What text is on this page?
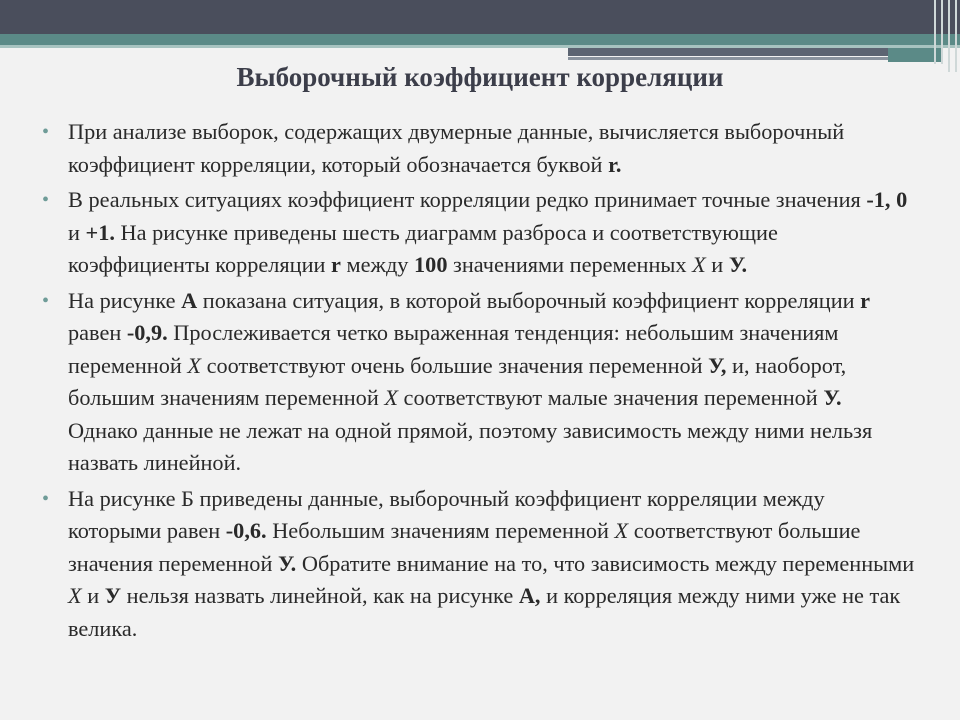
Выборочный коэффициент корреляции
• При анализе выборок, содержащих двумерные данные, вычисляется выборочный коэффициент корреляции, который обозначается буквой r.
• В реальных ситуациях коэффициент корреляции редко принимает точные значения -1, 0 и +1. На рисунке приведены шесть диаграмм разброса и соответствующие коэффициенты корреляции r между 100 значениями переменных X и У.
• На рисунке А показана ситуация, в которой выборочный коэффициент корреляции r равен -0,9. Прослеживается четко выраженная тенденция: небольшим значениям переменной X соответствуют очень большие значения переменной У, и, наоборот, большим значениям переменной X соответствуют малые значения переменной У. Однако данные не лежат на одной прямой, поэтому зависимость между ними нельзя назвать линейной.
• На рисунке Б приведены данные, выборочный коэффициент корреляции между которыми равен -0,6. Небольшим значениям переменной X соответствуют большие значения переменной У. Обратите внимание на то, что зависимость между переменными X и У нельзя назвать линейной, как на рисунке А, и корреляция между ними уже не так велика.
